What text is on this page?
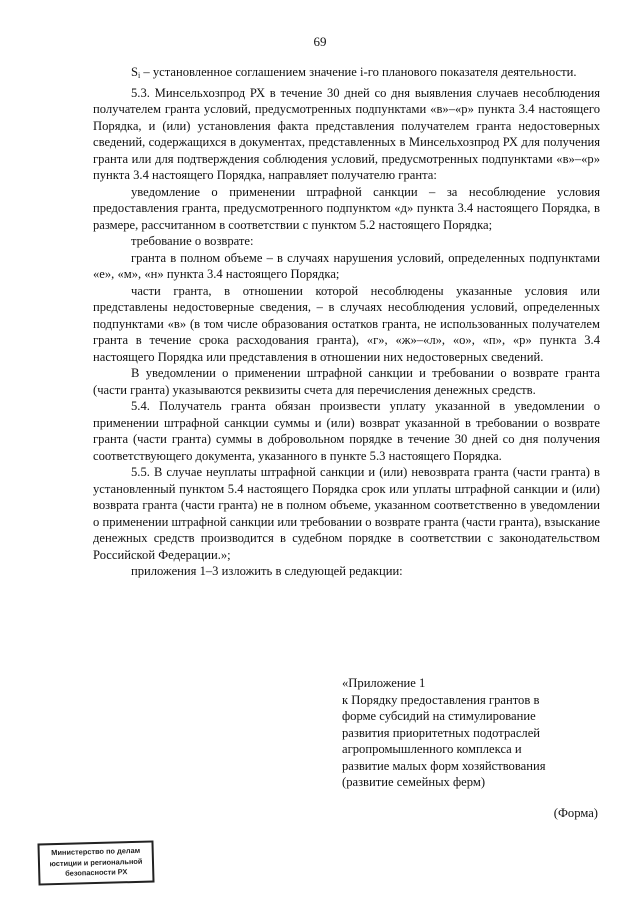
69

$S_i$ – установленное соглашением значение i-го планового показателя деятельности.

5.3. Минсельхозпрод РХ в течение 30 дней со дня выявления случаев несоблюдения получателем гранта условий, предусмотренных подпунктами «в»–«р» пункта 3.4 настоящего Порядка, и (или) установления факта представления получателем гранта недостоверных сведений, содержащихся в документах, представленных в Минсельхозпрод РХ для получения гранта или для подтверждения соблюдения условий, предусмотренных подпунктами «в»–«р» пункта 3.4 настоящего Порядка, направляет получателю гранта:

уведомление о применении штрафной санкции – за несоблюдение условия предоставления гранта, предусмотренного подпунктом «д» пункта 3.4 настоящего Порядка, в размере, рассчитанном в соответствии с пунктом 5.2 настоящего Порядка;

требование о возврате:

гранта в полном объеме – в случаях нарушения условий, определенных подпунктами «е», «м», «н» пункта 3.4 настоящего Порядка;

части гранта, в отношении которой несоблюдены указанные условия или представлены недостоверные сведения, – в случаях несоблюдения условий, определенных подпунктами «в» (в том числе образования остатков гранта, не использованных получателем гранта в течение срока расходования гранта), «г», «ж»–«л», «о», «п», «р» пункта 3.4 настоящего Порядка или представления в отношении них недостоверных сведений.

В уведомлении о применении штрафной санкции и требовании о возврате гранта (части гранта) указываются реквизиты счета для перечисления денежных средств.

5.4. Получатель гранта обязан произвести уплату указанной в уведомлении о применении штрафной санкции суммы и (или) возврат указанной в требовании о возврате гранта (части гранта) суммы в добровольном порядке в течение 30 дней со дня получения соответствующего документа, указанного в пункте 5.3 настоящего Порядка.

5.5. В случае неуплаты штрафной санкции и (или) невозврата гранта (части гранта) в установленный пунктом 5.4 настоящего Порядка срок или уплаты штрафной санкции и (или) возврата гранта (части гранта) не в полном объеме, указанном соответственно в уведомлении о применении штрафной санкции или требовании о возврате гранта (части гранта), взыскание денежных средств производится в судебном порядке в соответствии с законодательством Российской Федерации.»;

приложения 1–3 изложить в следующей редакции:

«Приложение 1
к Порядку предоставления грантов в
форме субсидий на стимулирование
развития приоритетных подотраслей
агропромышленного комплекса и
развитие малых форм хозяйствования
(развитие семейных ферм)
(Форма)
Министерство по делам
юстиции и региональной
безопасности РХ
